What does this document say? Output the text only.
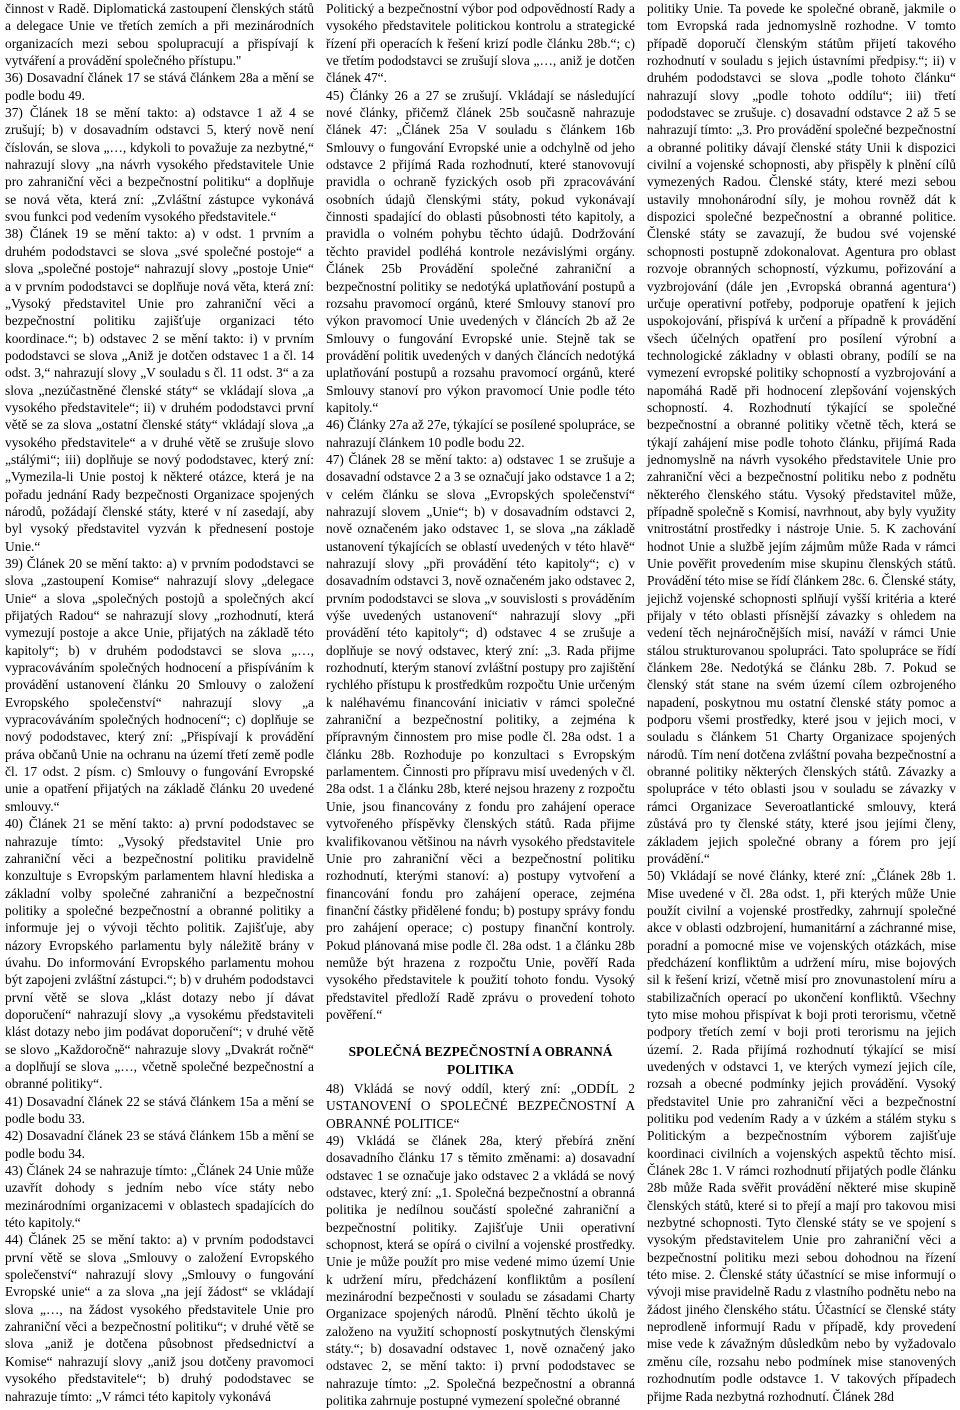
činnost v Radě. Diplomatická zastoupení členských států a delegace Unie ve třetích zemích a při mezinárodních organizacích mezi sebou spolupracují a přispívají k vytváření a provádění společného přístupu."

36) Dosavadní článek 17 se stává článkem 28a a mění se podle bodu 49.

37) Článek 18 se mění takto: a) odstavce 1 až 4 se zrušují; b) v dosavadním odstavci 5, který nově není číslován, se slova „…, kdykoli to považuje za nezbytné,“ nahrazují slovy „na návrh vysokého představitele Unie pro zahraniční věci a bezpečnostní politiku“ a doplňuje se nová věta, která zní: „Zvláštní zástupce vykonává svou funkci pod vedením vysokého představitele.“

38) Článek 19 se mění takto: a) v odst. 1 prvním a druhém pododstavci se slova „své společné postoje“ a slova „společné postoje“ nahrazují slovy „postoje Unie“ a v prvním pododstavci se doplňuje nová věta, která zní: „Vysoký představitel Unie pro zahraniční věci a bezpečnostní politiku zajišťuje organizaci této koordinace.“; b) odstavec 2 se mění takto: i) v prvním pododstavci se slova „Aniž je dotčen odstavec 1 a čl. 14 odst. 3,“ nahrazují slovy „V souladu s čl. 11 odst. 3“ a za slova „nezúčastněné členské státy“ se vkládají slova „a vysokého představitele“; ii) v druhém pododstavci první větě se za slova „ostatní členské státy“ vkládají slova „a vysokého představitele“ a v druhé větě se zrušuje slovo „stálými“; iii) doplňuje se nový pododstavec, který zní: „Vymezila-li Unie postoj k některé otázce, která je na pořadu jednání Rady bezpečnosti Organizace spojených národů, požádají členské státy, které v ní zasedají, aby byl vysoký představitel vyzván k přednesení postoje Unie.“

39) Článek 20 se mění takto: a) v prvním pododstavci se slova „zastoupení Komise“ nahrazují slovy „delegace Unie“ a slova „společných postojů a společných akcí přijatých Radou“ se nahrazují slovy „rozhodnutí, která vymezují postoje a akce Unie, přijatých na základě této kapitoly“; b) v druhém pododstavci se slova „…, vypracováváním společných hodnocení a přispíváním k provádění ustanovení článku 20 Smlouvy o založení Evropského společenství“ nahrazují slovy „a vypracováváním společných hodnocení“; c) doplňuje se nový pododstavec, který zní: „Přispívají k provádění práva občanů Unie na ochranu na území třetí země podle čl. 17 odst. 2 písm. c) Smlouvy o fungování Evropské unie a opatření přijatých na základě článku 20 uvedené smlouvy.“

40) Článek 21 se mění takto: a) první pododstavec se nahrazuje tímto: „Vysoký představitel Unie pro zahraniční věci a bezpečnostní politiku pravidelně konzultuje s Evropským parlamentem hlavní hlediska a základní volby společné zahraniční a bezpečnostní politiky a společné bezpečnostní a obranné politiky a informuje jej o vývoji těchto politik. Zajišťuje, aby názory Evropského parlamentu byly náležitě brány v úvahu. Do informování Evropského parlamentu mohou být zapojeni zvláštní zástupci.“; b) v druhém pododstavci první větě se slova „klást dotazy nebo jí dávat doporučení“ nahrazují slovy „a vysokému představiteli klást dotazy nebo jim podávat doporučení“; v druhé větě se slovo „Každoročně“ nahrazuje slovy „Dvakrát ročně“ a doplňují se slova „…, včetně společné bezpečnostní a obranné politiky“.

41) Dosavadní článek 22 se stává článkem 15a a mění se podle bodu 33.

42) Dosavadní článek 23 se stává článkem 15b a mění se podle bodu 34.

43) Článek 24 se nahrazuje tímto: „Článek 24 Unie může uzavřít dohody s jedním nebo více státy nebo mezinárodními organizacemi v oblastech spadajících do této kapitoly.“

44) Článek 25 se mění takto: a) v prvním pododstavci první větě se slova „Smlouvy o založení Evropského společenství“ nahrazují slovy „Smlouvy o fungování Evropské unie“ a za slova „na její žádost“ se vkládají slova „…, na žádost vysokého představitele Unie pro zahraniční věci a bezpečnostní politiku“; v druhé větě se slova „aniž je dotčena působnost předsednictví a Komise“ nahrazují slovy „aniž jsou dotčeny pravomoci vysokého představitele“; b) druhý pododstavec se nahrazuje tímto: „V rámci této kapitoly vykonává

Politický a bezpečnostní výbor pod odpovědností Rady a vysokého představitele politickou kontrolu a strategické řízení při operacích k řešení krizí podle článku 28b.“; c) ve třetím pododstavci se zrušují slova „…, aniž je dotčen článek 47“.

45) Články 26 a 27 se zrušují. Vkládají se následující nové články, přičemž článek 25b současně nahrazuje článek 47: „Článek 25a V souladu s článkem 16b Smlouvy o fungování Evropské unie a odchylně od jeho odstavce 2 přijímá Rada rozhodnutí, které stanovovují pravidla o ochraně fyzických osob při zpracovávání osobních údajů členskými státy, pokud vykonávají činnosti spadající do oblasti působnosti této kapitoly, a pravidla o volném pohybu těchto údajů. Dodržování těchto pravidel podléhá kontrole nezávislými orgány. Článek 25b Provádění společné zahraniční a bezpečnostní politiky se nedotýká uplatňování postupů a rozsahu pravomocí orgánů, které Smlouvy stanoví pro výkon pravomocí Unie uvedených v článcích 2b až 2e Smlouvy o fungování Evropské unie. Stejně tak se provádění politik uvedených v daných článcích nedotýká uplatňování postupů a rozsahu pravomocí orgánů, které Smlouvy stanoví pro výkon pravomocí Unie podle této kapitoly.“

46) Články 27a až 27e, týkající se posílené spolupráce, se nahrazují článkem 10 podle bodu 22.

47) Článek 28 se mění takto: a) odstavec 1 se zrušuje a dosavadní odstavce 2 a 3 se označují jako odstavce 1 a 2; v celém článku se slova „Evropských společenství“ nahrazují slovem „Unie“; b) v dosavadním odstavci 2, nově označeném jako odstavec 1, se slova „na základě ustanovení týkajících se oblastí uvedených v této hlavě“ nahrazují slovy „při provádění této kapitoly“; c) v dosavadním odstavci 3, nově označeném jako odstavec 2, prvním pododstavci se slova „v souvislosti s prováděním výše uvedených ustanovení“ nahrazují slovy „při provádění této kapitoly“; d) odstavec 4 se zrušuje a doplňuje se nový odstavec, který zní: „3. Rada přijme rozhodnutí, kterým stanoví zvláštní postupy pro zajištění rychlého přístupu k prostředkům rozpočtu Unie určeným k naléhavému financování iniciativ v rámci společné zahraniční a bezpečnostní politiky, a zejména k přípravným činnostem pro mise podle čl. 28a odst. 1 a článku 28b. Rozhoduje po konzultaci s Evropským parlamentem. Činnosti pro přípravu misí uvedených v čl. 28a odst. 1 a článku 28b, které nejsou hrazeny z rozpočtu Unie, jsou financovány z fondu pro zahájení operace vytvořeného příspěvky členských států. Rada přijme kvalifikovanou většinou na návrh vysokého představitele Unie pro zahraniční věci a bezpečnostní politiku rozhodnutí, kterými stanoví: a) postupy vytvoření a financování fondu pro zahájení operace, zejména finanční částky přidělené fondu; b) postupy správy fondu pro zahájení operace; c) postupy finanční kontroly. Pokud plánovaná mise podle čl. 28a odst. 1 a článku 28b nemůže být hrazena z rozpočtu Unie, pověří Rada vysokého představitele k použití tohoto fondu. Vysoký představitel předloží Radě zprávu o provedení tohoto pověření.“

SPOLEČNÁ BEZPEČNOSTNÍ A OBRANNÁ POLITIKA

48) Vkládá se nový oddíl, který zní: „ODDÍL 2 USTANOVENÍ O SPOLEČNÉ BEZPEČNOSTNÍ A OBRANNÉ POLITICE“

49) Vkládá se článek 28a, který přebírá znění dosavadního článku 17 s těmito změnami: a) dosavadní odstavec 1 se označuje jako odstavec 2 a vkládá se nový odstavec, který zní: „1. Společná bezpečnostní a obranná politika je nedílnou součástí společné zahraniční a bezpečnostní politiky. Zajišťuje Unii operativní schopnost, která se opírá o civilní a vojenské prostředky. Unie je může použít pro mise vedené mimo území Unie k udržení míru, předcházení konfliktům a posílení mezinárodní bezpečnosti v souladu se zásadami Charty Organizace spojených národů. Plnění těchto úkolů je založeno na využití schopností poskytnutých členskými státy.“; b) dosavadní odstavec 1, nově označený jako odstavec 2, se mění takto: i) první pododstavec se nahrazuje tímto: „2. Společná bezpečnostní a obranná politika zahrnuje postupné vymezení společné obranné

politiky Unie. Ta povede ke společné obraně, jakmile o tom Evropská rada jednomyslně rozhodne. V tomto případě doporučí členským státům přijetí takového rozhodnutí v souladu s jejich ústavními předpisy.“; ii) v druhém pododstavci se slova „podle tohoto článku“ nahrazují slovy „podle tohoto oddílu“; iii) třetí pododstavec se zrušuje. c) dosavadní odstavce 2 až 5 se nahrazují tímto: „3. Pro provádění společné bezpečnostní a obranné politiky dávají členské státy Unii k dispozici civilní a vojenské schopnosti, aby přispěly k plnění cílů vymezených Radou. Členské státy, které mezi sebou ustavily mnohonárodní síly, je mohou rovněž dát k dispozici společné bezpečnostní a obranné politice. Členské státy se zavazují, že budou své vojenské schopnosti postupně zdokonalovat. Agentura pro oblast rozvoje obranných schopností, výzkumu, pořizování a vyzbrojování (dále jen ‚Evropská obranná agentura‘) určuje operativní potřeby, podporuje opatření k jejich uspokojování, přispívá k určení a případně k provádění všech účelných opatření pro posílení výrobní a technologické základny v oblasti obrany, podílí se na vymezení evropské politiky schopností a vyzbrojování a napomáhá Radě při hodnocení zlepšování vojenských schopností. 4. Rozhodnutí týkající se společné bezpečnostní a obranné politiky včetně těch, která se týkají zahájení mise podle tohoto článku, přijímá Rada jednomyslně na návrh vysokého představitele Unie pro zahraniční věci a bezpečnostní politiku nebo z podnětu některého členského státu. Vysoký představitel může, případně společně s Komisí, navrhnout, aby byly využity vnitrostátní prostředky i nástroje Unie. 5. K zachování hodnot Unie a službě jejím zájmům může Rada v rámci Unie pověřit provedením mise skupinu členských států. Provádění této mise se řídí článkem 28c. 6. Členské státy, jejichž vojenské schopnosti splňují vyšší kritéria a které přijaly v této oblasti přísnější závazky s ohledem na vedení těch nejnáročnějších misí, naváží v rámci Unie stálou strukturovanou spolupráci. Tato spolupráce se řídí článkem 28e. Nedotýká se článku 28b. 7. Pokud se členský stát stane na svém území cílem ozbrojeného napadení, poskytnou mu ostatní členské státy pomoc a podporu všemi prostředky, které jsou v jejich moci, v souladu s článkem 51 Charty Organizace spojených národů. Tím není dotčena zvláštní povaha bezpečnostní a obranné politiky některých členských států. Závazky a spolupráce v této oblasti jsou v souladu se závazky v rámci Organizace Severoatlantické smlouvy, která zůstává pro ty členské státy, které jsou jejími členy, základem jejich společné obrany a fórem pro její provádění.“

50) Vkládají se nové články, které zní: „Článek 28b 1. Mise uvedené v čl. 28a odst. 1, při kterých může Unie použít civilní a vojenské prostředky, zahrnují společné akce v oblasti odzbrojení, humanitární a záchranné mise, poradní a pomocné mise ve vojenských otázkách, mise předcházení konfliktům a udržení míru, mise bojových sil k řešení krizí, včetně misí pro znovunastolení míru a stabilizačních operací po ukončení konfliktů. Všechny tyto mise mohou přispívat k boji proti terorismu, včetně podpory třetích zemí v boji proti terorismu na jejich území. 2. Rada přijímá rozhodnutí týkající se misí uvedených v odstavci 1, ve kterých vymezí jejich cíle, rozsah a obecné podmínky jejich provádění. Vysoký představitel Unie pro zahraniční věci a bezpečnostní politiku pod vedením Rady a v úzkém a stálém styku s Politickým a bezpečnostním výborem zajišťuje koordinaci civilních a vojenských aspektů těchto misí. Článek 28c 1. V rámci rozhodnutí přijatých podle článku 28b může Rada svěřit provádění některé mise skupině členských států, které si to přejí a mají pro takovou misi nezbytné schopnosti. Tyto členské státy se ve spojení s vysokým představitelem Unie pro zahraniční věci a bezpečnostní politiku mezi sebou dohodnou na řízení této mise. 2. Členské státy účastnící se mise informují o vývoji mise pravidelně Radu z vlastního podnětu nebo na žádost jiného členského státu. Účastnící se členské státy neprodleně informují Radu v případě, kdy provedení mise vede k závažným důsledkům nebo by vyžadovalo změnu cíle, rozsahu nebo podmínek mise stanovených rozhodnutím podle odstavce 1. V takových případech přijme Rada nezbytná rozhodnutí. Článek 28d
